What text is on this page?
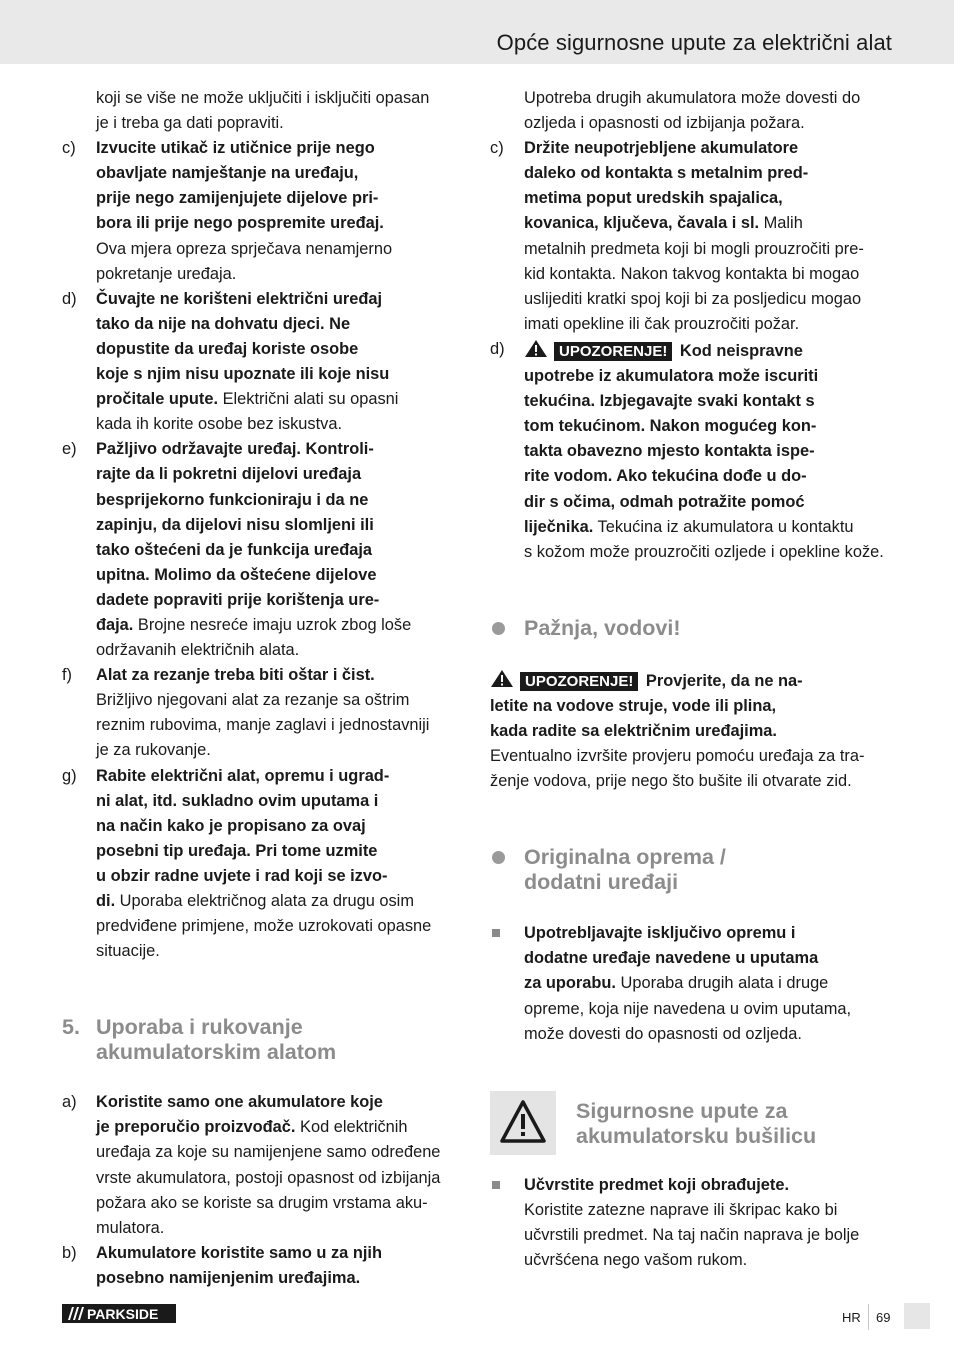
Opće sigurnosne upute za električni alat
koji se više ne može uključiti i isključiti opasan
je i treba ga dati popraviti.
c) Izvucite utikač iz utičnice prije nego
obavljate namještanje na uređaju,
prije nego zamijenjujete dijelove pri-
bora ili prije nego pospremite uređaj.
Ova mjera opreza sprječava nenamjerno
pokretanje uređaja.
d) Čuvajte ne korišteni električni uređaj
tako da nije na dohvatu djeci. Ne
dopustite da uređaj koriste osobe
koje s njim nisu upoznate ili koje nisu
pročitale upute. Električni alati su opasni
kada ih korite osobe bez iskustva.
e) Pažljivo održavajte uređaj. Kontroli-
rajte da li pokretni dijelovi uređaja
besprijekorno funkcioniraju i da ne
zapinju, da dijelovi nisu slomljeni ili
tako oštećeni da je funkcija uređaja
upitna. Molimo da oštećene dijelove
dadete popraviti prije korištenja ure-
đaja. Brojne nesreće imaju uzrok zbog loše
održavanih električnih alata.
f) Alat za rezanje treba biti oštar i čist.
Brižljivo njegovani alat za rezanje sa oštrim
reznim rubovima, manje zaglavi i jednostavniji
je za rukovanje.
g) Rabite električni alat, opremu i ugrad-
ni alat, itd. sukladno ovim uputama i
na način kako je propisano za ovaj
posebni tip uređaja. Pri tome uzmite
u obzir radne uvjete i rad koji se izvo-
di. Uporaba električnog alata za drugu osim
predviđene primjene, može uzrokovati opasne
situacije.
5. Uporaba i rukovanje
akumulatorskim alatom
a) Koristite samo one akumulatore koje
je preporučio proizvođač. Kod električnih
uređaja za koje su namijenjene samo određene
vrste akumulatora, postoji opasnost od izbijanja
požara ako se koriste sa drugim vrstama aku-
mulatora.
b) Akumulatore koristite samo u za njih
posebno namijenjenim uređajima.
Upotreba drugih akumulatora može dovesti do
ozljeda i opasnosti od izbijanja požara.
c) Držite neupotrjebljene akumulatore
daleko od kontakta s metalnim pred-
metima poput uredskih spajalica,
kovanica, ključeva, čavala i sl. Malih
metalnih predmeta koji bi mogli prouzročiti pre-
kid kontakta. Nakon takvog kontakta bi mogao
uslijediti kratki spoj koji bi za posljedicu mogao
imati opekline ili čak prouzročiti požar.
d)	UPOZORENJE! Kod neispravne
upotrebe iz akumulatora može iscuriti
tekućina. Izbjegavajte svaki kontakt s
tom tekućinom. Nakon mogućeg kon-
takta obavezno mjesto kontakta ispe-
rite vodom. Ako tekućina dođe u do-
dir s očima, odmah potražite pomoć
liječnika. Tekućina iz akumulatora u kontaktu
s kožom može prouzročiti ozljede i opekline kože.
Pažnja, vodovi!
UPOZORENJE! Provjerite, da ne na-
letite na vodove struje, vode ili plina,
kada radite sa električnim uređajima.
Eventualno izvršite provjeru pomoću uređaja za tra-
ženje vodova, prije nego što bušite ili otvarate zid.
Originalna oprema /
dodatni uređaji
Upotrebljavajte isključivo opremu i
dodatne uređaje navedene u uputama
za uporabu. Uporaba drugih alata i druge
opreme, koja nije navedena u ovim uputama,
može dovesti do opasnosti od ozljeda.
Sigurnosne upute za
akumulatorsku bušilicu
Učvrstite predmet koji obrađujete.
Koristite zatezne naprave ili škripac kako bi
učvrstili predmet. Na taj način naprava je bolje
učvršćena nego vašom rukom.
PARKSIDE	HR 69
